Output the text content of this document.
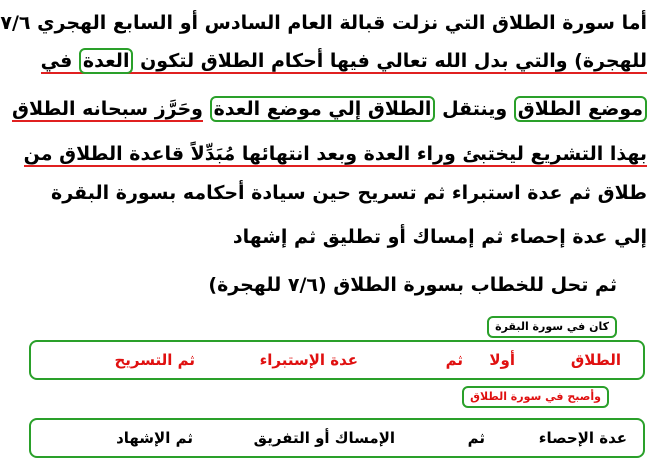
أما سورة الطلاق التي نزلت قبالة العام السادس أو السابع الهجري ٧/٦
للهجرة) والتي بدل الله تعالي فيها أحكام الطلاق لتكون العدة في
موضع الطلاق وينتقل الطلاق إلي موضع العدة وحَرَّز سبحانه الطلاق
بهذا التشريع ليختبئ وراء العدة وبعد انتهائها مُبَدِّلاً قاعدة الطلاق من
طلاق ثم عدة استبراء ثم تسريح حين سيادة أحكامه بسورة البقرة
إلي عدة إحصاء ثم إمساك أو تطليق ثم إشهاد
ثم تحل للخطاب بسورة الطلاق (٧/٦ للهجرة)
كان في سورة البقرة
الطلاق
أولا
ثم
عدة الإستبراء
ثم التسريح
وأصبح في سورة الطلاق
عدة الإحصاء
ثم
الإمساك أو التفريق
ثم الإشهاد
